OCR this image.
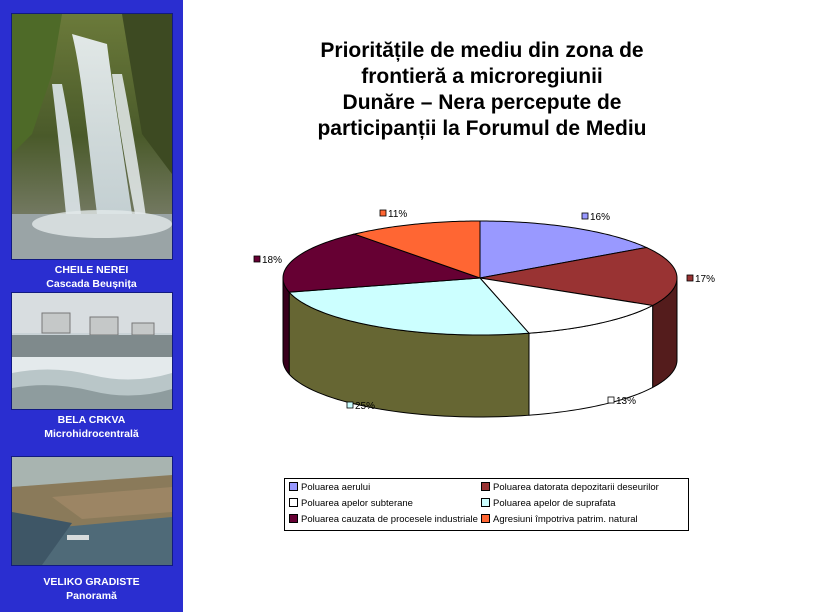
CHEILE NEREI
Cascada Beușnița
BELA CRKVA
Microhidrocentrală
VELIKO GRADISTE
Panoramă
Prioritățile de mediu din zona de
frontieră a microregiunii
Dunăre – Nera percepute de
participanții la Forumul de Mediu
16%
17%
13%
25%
18%
11%
Poluarea aerului	Poluarea datorata depozitarii deseurilor
Poluarea apelor subterane	Poluarea apelor de suprafata
Poluarea cauzata de procesele industriale	Agresiuni împotriva patrim. natural
